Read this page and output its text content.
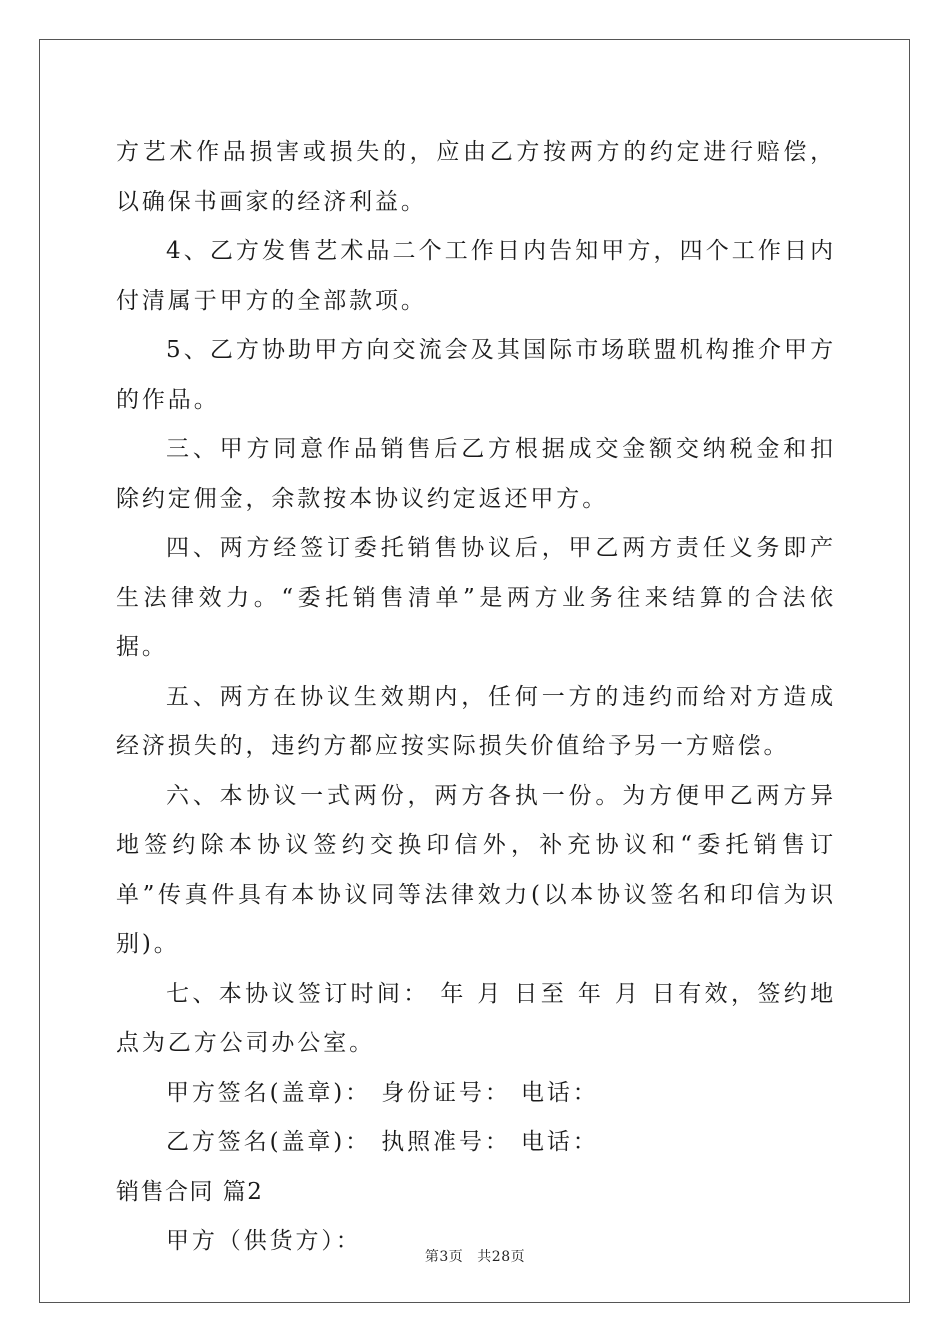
方艺术作品损害或损失的，应由乙方按两方的约定进行赔偿，以确保书画家的经济利益。

4、乙方发售艺术品二个工作日内告知甲方，四个工作日内付清属于甲方的全部款项。

5、乙方协助甲方向交流会及其国际市场联盟机构推介甲方的作品。

三、甲方同意作品销售后乙方根据成交金额交纳税金和扣除约定佣金，余款按本协议约定返还甲方。

四、两方经签订委托销售协议后，甲乙两方责任义务即产生法律效力。“委托销售清单”是两方业务往来结算的合法依据。

五、两方在协议生效期内，任何一方的违约而给对方造成经济损失的，违约方都应按实际损失价值给予另一方赔偿。

六、本协议一式两份，两方各执一份。为方便甲乙两方异地签约除本协议签约交换印信外，补充协议和“委托销售订单”传真件具有本协议同等法律效力(以本协议签名和印信为识别)。

七、本协议签订时间： 年 月 日至 年 月 日有效，签约地点为乙方公司办公室。

甲方签名(盖章)： 身份证号： 电话：

乙方签名(盖章)： 执照准号： 电话：

销售合同 篇2

甲方（供货方）：

第3页 共28页
